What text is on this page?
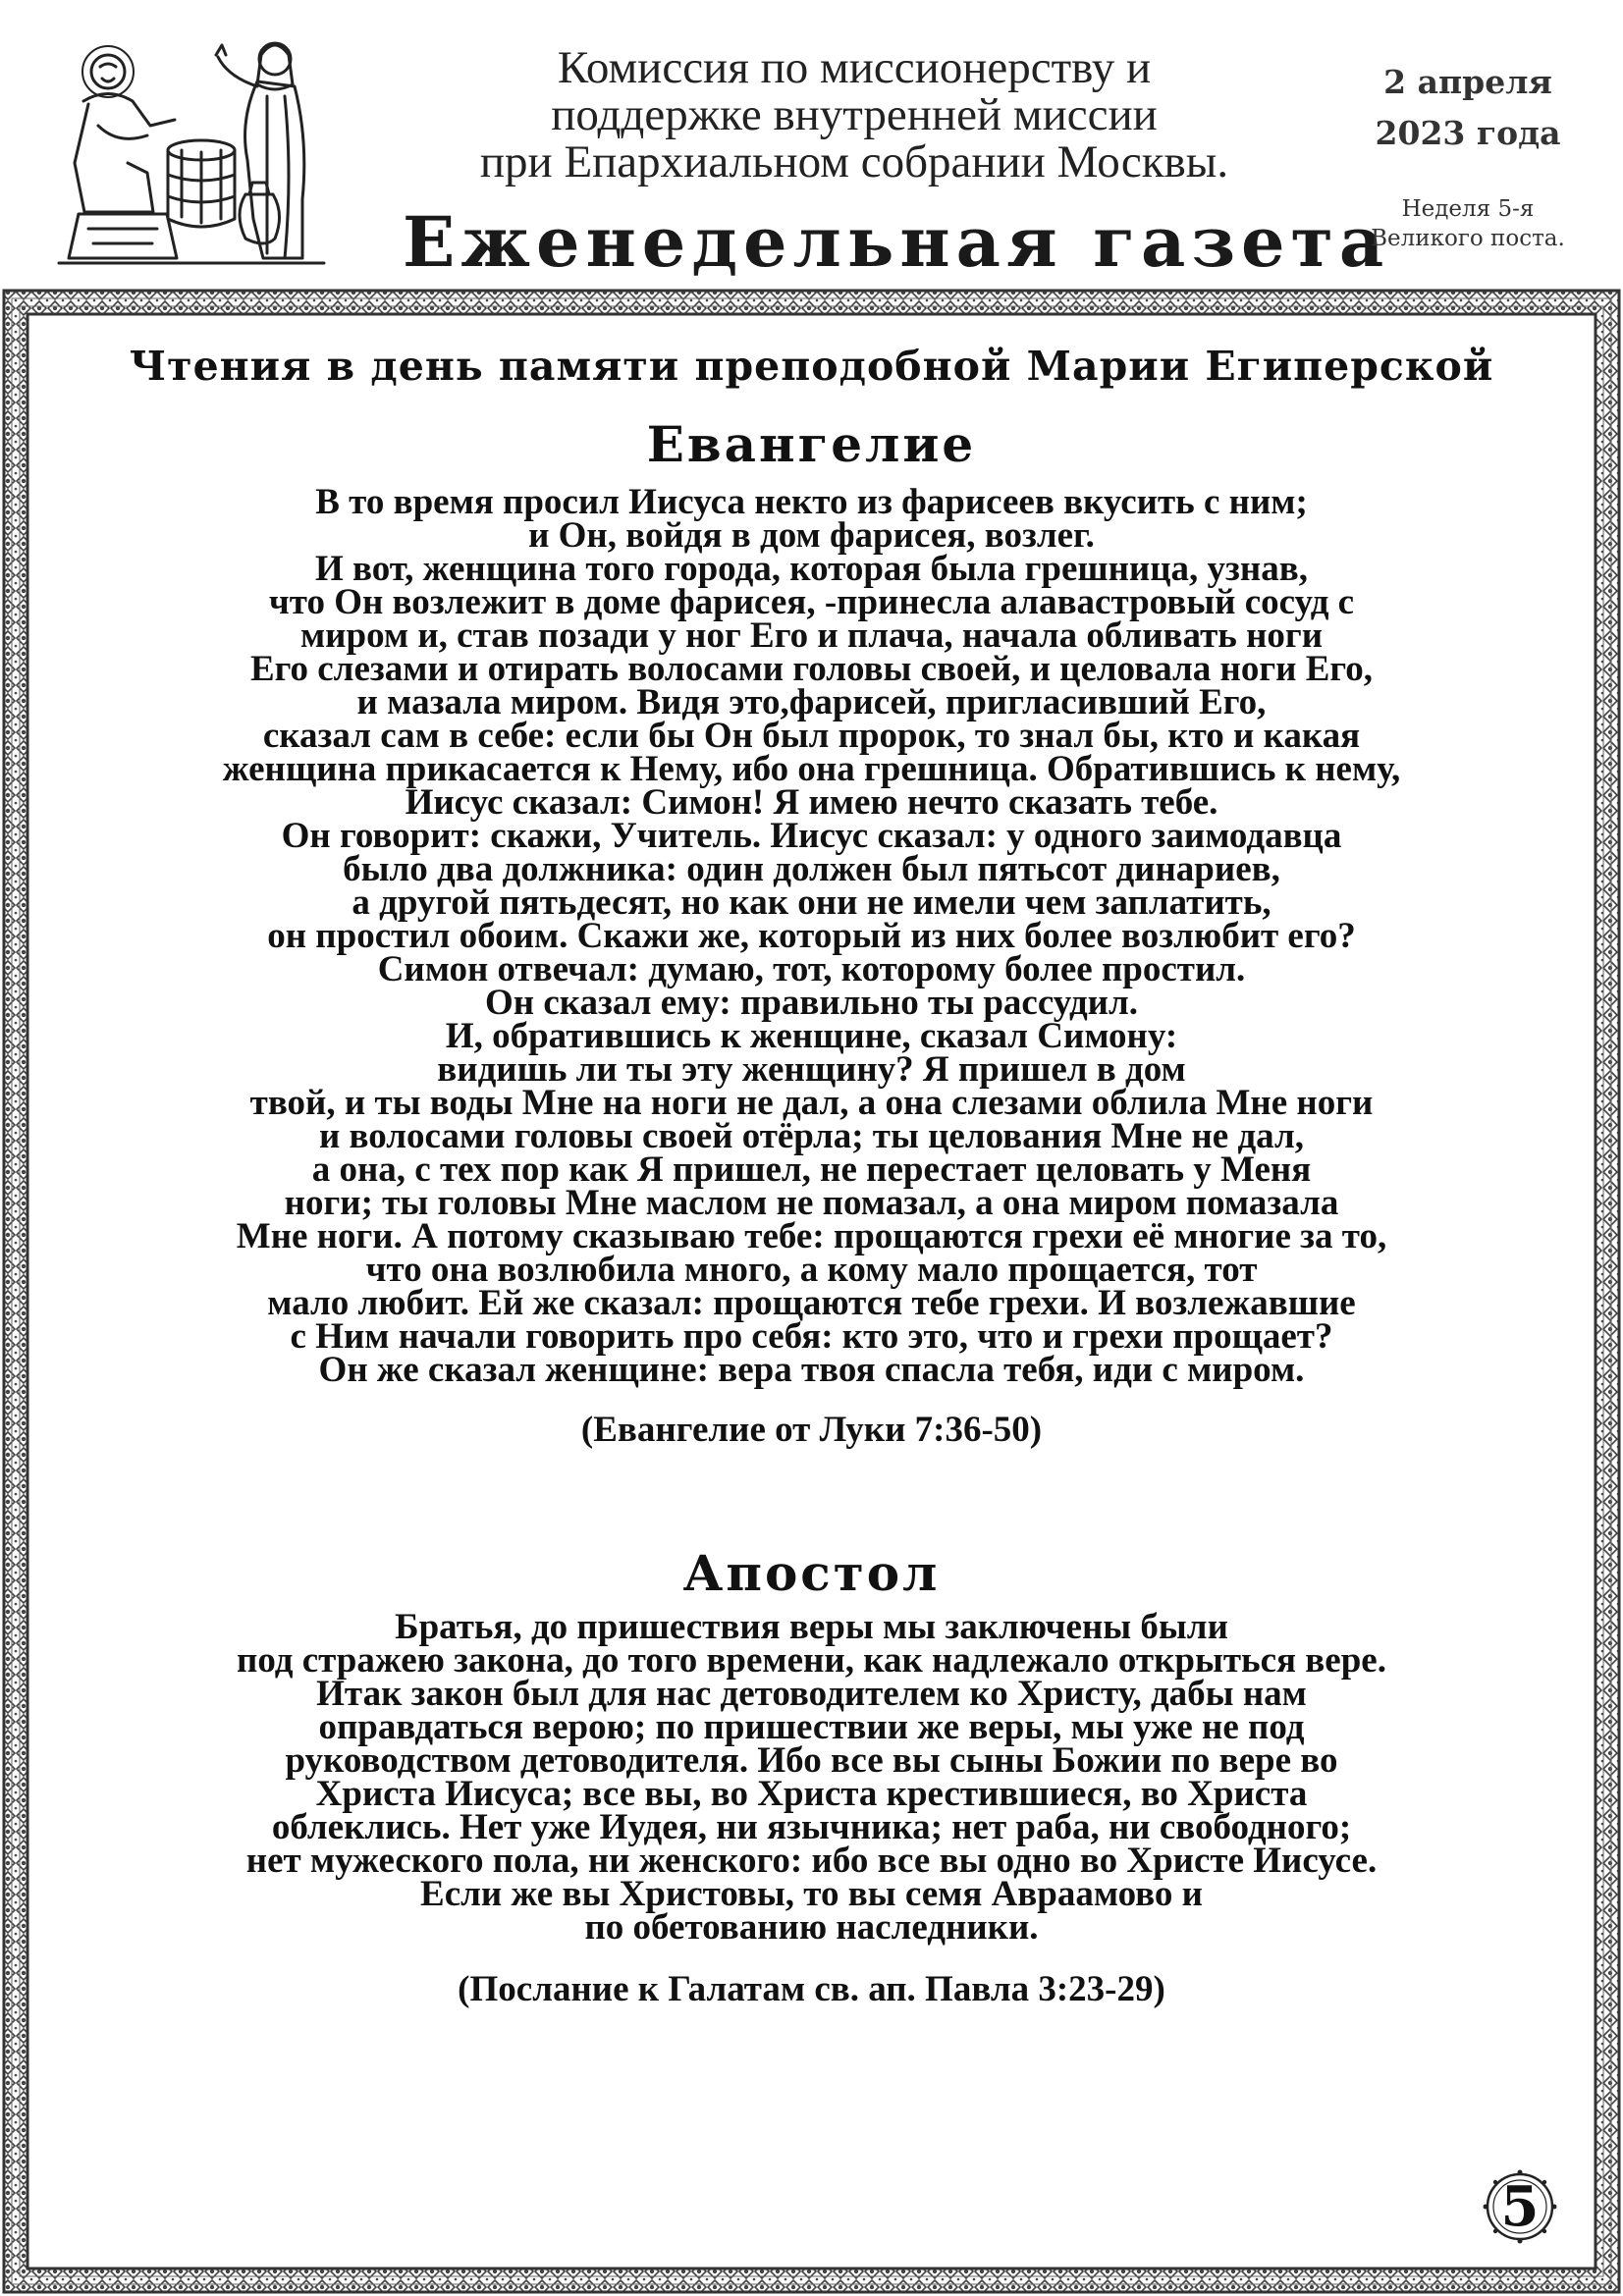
Комиссия по миссионерству и
поддержке внутренней миссии
при Епархиальном собрании Москвы.
Еженедельная газета
2 апреля
2023 года
Неделя 5-я
Великого поста.
Чтения в день памяти преподобной Марии Египерской
Евангелие
В то время просил Иисуса некто из фарисеев вкусить с ним;
и Он, войдя в дом фарисея, возлег.
И вот, женщина того города, которая была грешница, узнав,
что Он возлежит в доме фарисея, -принесла алавастровый сосуд с
миром и, став позади у ног Его и плача, начала обливать ноги
Его слезами и отирать волосами головы своей, и целовала ноги Его,
и мазала миром. Видя это,фарисей, пригласивший Его,
сказал сам в себе: если бы Он был пророк, то знал бы, кто и какая
женщина прикасается к Нему, ибо она грешница. Обратившись к нему,
Иисус сказал: Симон! Я имею нечто сказать тебе.
Он говорит: скажи, Учитель. Иисус сказал: у одного заимодавца
было два должника: один должен был пятьсот динариев,
а другой пятьдесят, но как они не имели чем заплатить,
он простил обоим. Скажи же, который из них более возлюбит его?
Симон отвечал: думаю, тот, которому более простил.
Он сказал ему: правильно ты рассудил.
И, обратившись к женщине, сказал Симону:
видишь ли ты эту женщину? Я пришел в дом
твой, и ты воды Мне на ноги не дал, а она слезами облила Мне ноги
и волосами головы своей отёрла; ты целования Мне не дал,
а она, с тех пор как Я пришел, не перестает целовать у Меня
ноги; ты головы Мне маслом не помазал, а она миром помазала
Мне ноги. А потому сказываю тебе: прощаются грехи её многие за то,
что она возлюбила много, а кому мало прощается, тот
мало любит. Ей же сказал: прощаются тебе грехи. И возлежавшие
с Ним начали говорить про себя: кто это, что и грехи прощает?
Он же сказал женщине: вера твоя спасла тебя, иди с миром.
(Евангелие от Луки 7:36-50)
Апостол
Братья, до пришествия веры мы заключены были
под стражею закона, до того времени, как надлежало открыться вере.
Итак закон был для нас детоводителем ко Христу, дабы нам
оправдаться верою; по пришествии же веры, мы уже не под
руководством детоводителя. Ибо все вы сыны Божии по вере во
Христа Иисуса; все вы, во Христа крестившиеся, во Христа
облеклись. Нет уже Иудея, ни язычника; нет раба, ни свободного;
нет мужеского пола, ни женского: ибо все вы одно во Христе Иисусе.
Если же вы Христовы, то вы семя Авраамово и
по обетованию наследники.
(Послание к Галатам св. ап. Павла 3:23-29)
5
